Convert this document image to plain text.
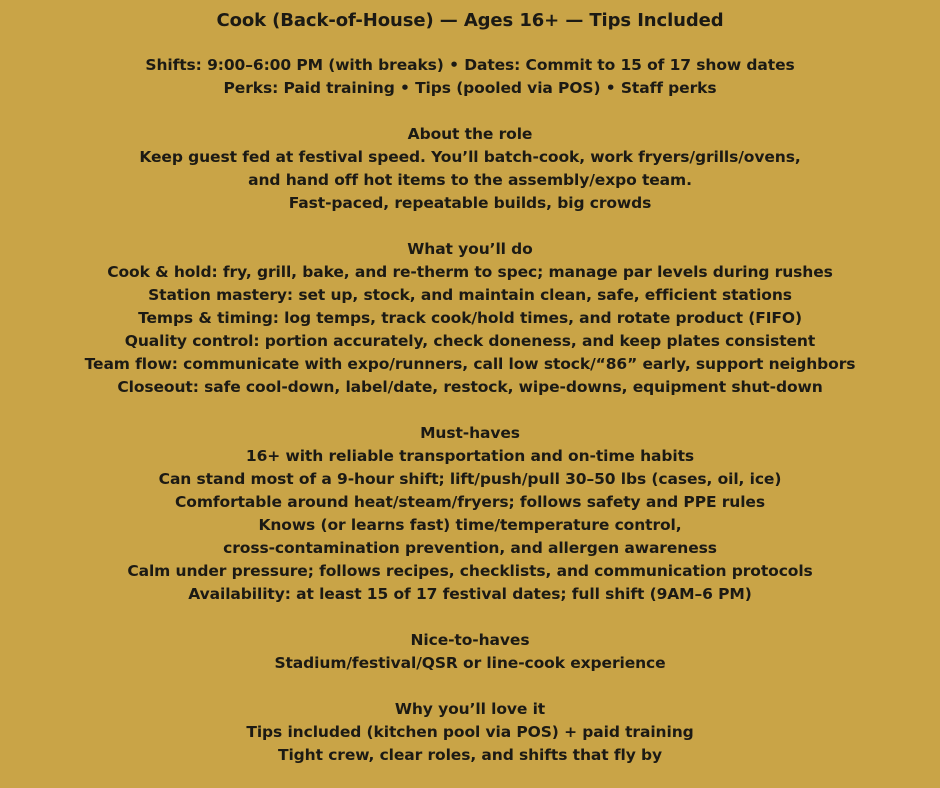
Cook (Back-of-House) — Ages 16+ — Tips Included

Shifts: 9:00–6:00 PM (with breaks) • Dates: Commit to 15 of 17 show dates

Perks: Paid training • Tips (pooled via POS) • Staff perks

About the role

Keep guest fed at festival speed. You’ll batch-cook, work fryers/grills/ovens,

and hand off hot items to the assembly/expo team.

Fast-paced, repeatable builds, big crowds

What you’ll do

Cook & hold: fry, grill, bake, and re-therm to spec; manage par levels during rushes

Station mastery: set up, stock, and maintain clean, safe, efficient stations

Temps & timing: log temps, track cook/hold times, and rotate product (FIFO)

Quality control: portion accurately, check doneness, and keep plates consistent

Team flow: communicate with expo/runners, call low stock/“86” early, support neighbors

Closeout: safe cool-down, label/date, restock, wipe-downs, equipment shut-down

Must-haves

16+ with reliable transportation and on-time habits

Can stand most of a 9-hour shift; lift/push/pull 30–50 lbs (cases, oil, ice)

Comfortable around heat/steam/fryers; follows safety and PPE rules

Knows (or learns fast) time/temperature control,

cross-contamination prevention, and allergen awareness

Calm under pressure; follows recipes, checklists, and communication protocols

Availability: at least 15 of 17 festival dates; full shift (9AM–6 PM)

Nice-to-haves

Stadium/festival/QSR or line-cook experience

Why you’ll love it

Tips included (kitchen pool via POS) + paid training

Tight crew, clear roles, and shifts that fly by
